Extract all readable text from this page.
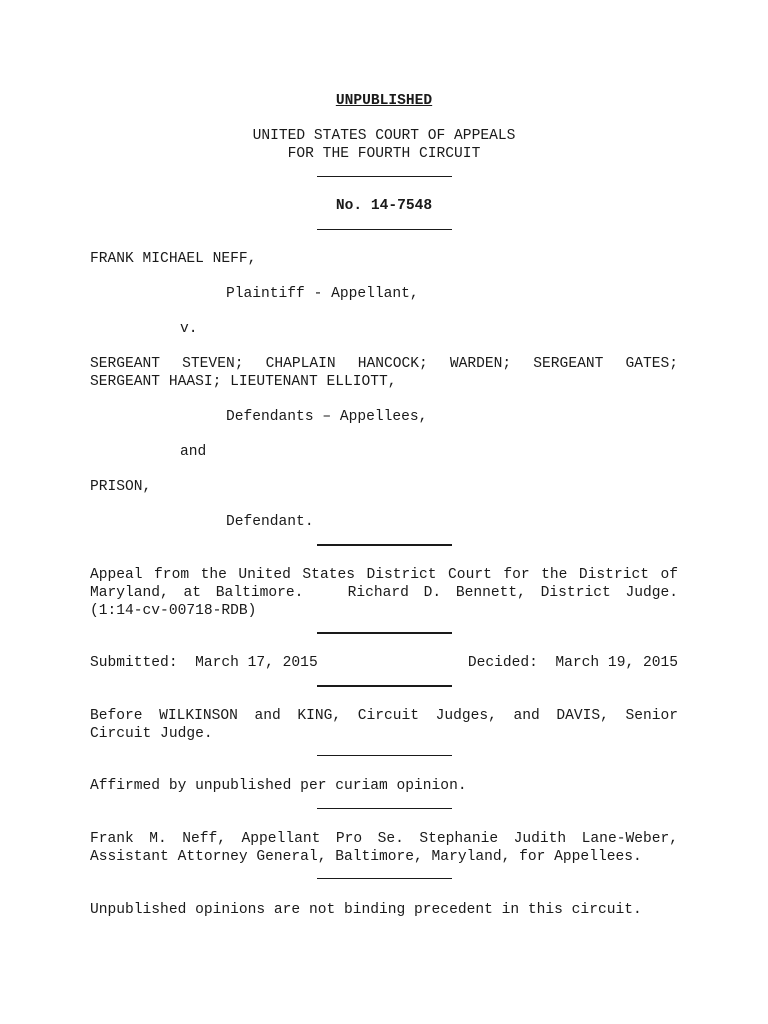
UNPUBLISHED
UNITED STATES COURT OF APPEALS
FOR THE FOURTH CIRCUIT
No. 14-7548
FRANK MICHAEL NEFF,
Plaintiff - Appellant,
v.
SERGEANT STEVEN; CHAPLAIN HANCOCK; WARDEN; SERGEANT GATES;
SERGEANT HAASI; LIEUTENANT ELLIOTT,
Defendants – Appellees,
and
PRISON,
Defendant.
Appeal from the United States District Court for the District of
Maryland, at Baltimore.   Richard D. Bennett, District Judge.
(1:14-cv-00718-RDB)
Submitted:  March 17, 2015	Decided:  March 19, 2015
Before WILKINSON and KING, Circuit Judges, and DAVIS, Senior
Circuit Judge.
Affirmed by unpublished per curiam opinion.
Frank M. Neff, Appellant Pro Se. Stephanie Judith Lane-Weber,
Assistant Attorney General, Baltimore, Maryland, for Appellees.
Unpublished opinions are not binding precedent in this circuit.
